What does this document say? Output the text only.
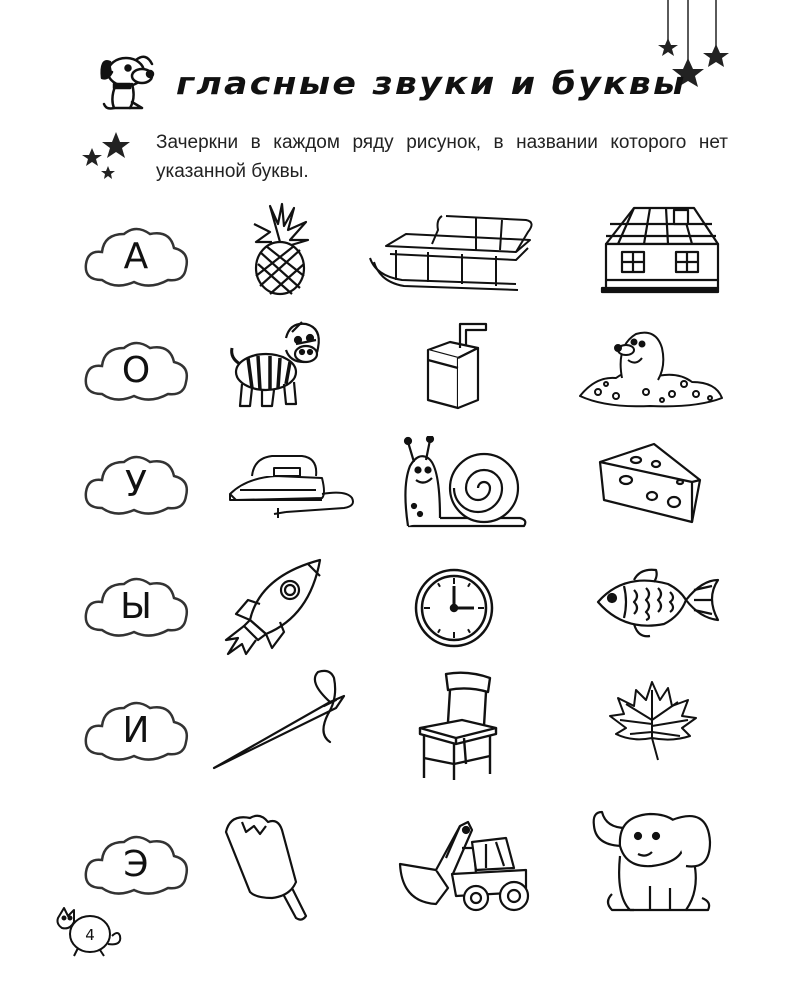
гласные звуки и буквы
Зачеркни в каждом ряду рисунок, в названии которого нет указанной буквы.
А
О
У
Ы
И
Э
4
